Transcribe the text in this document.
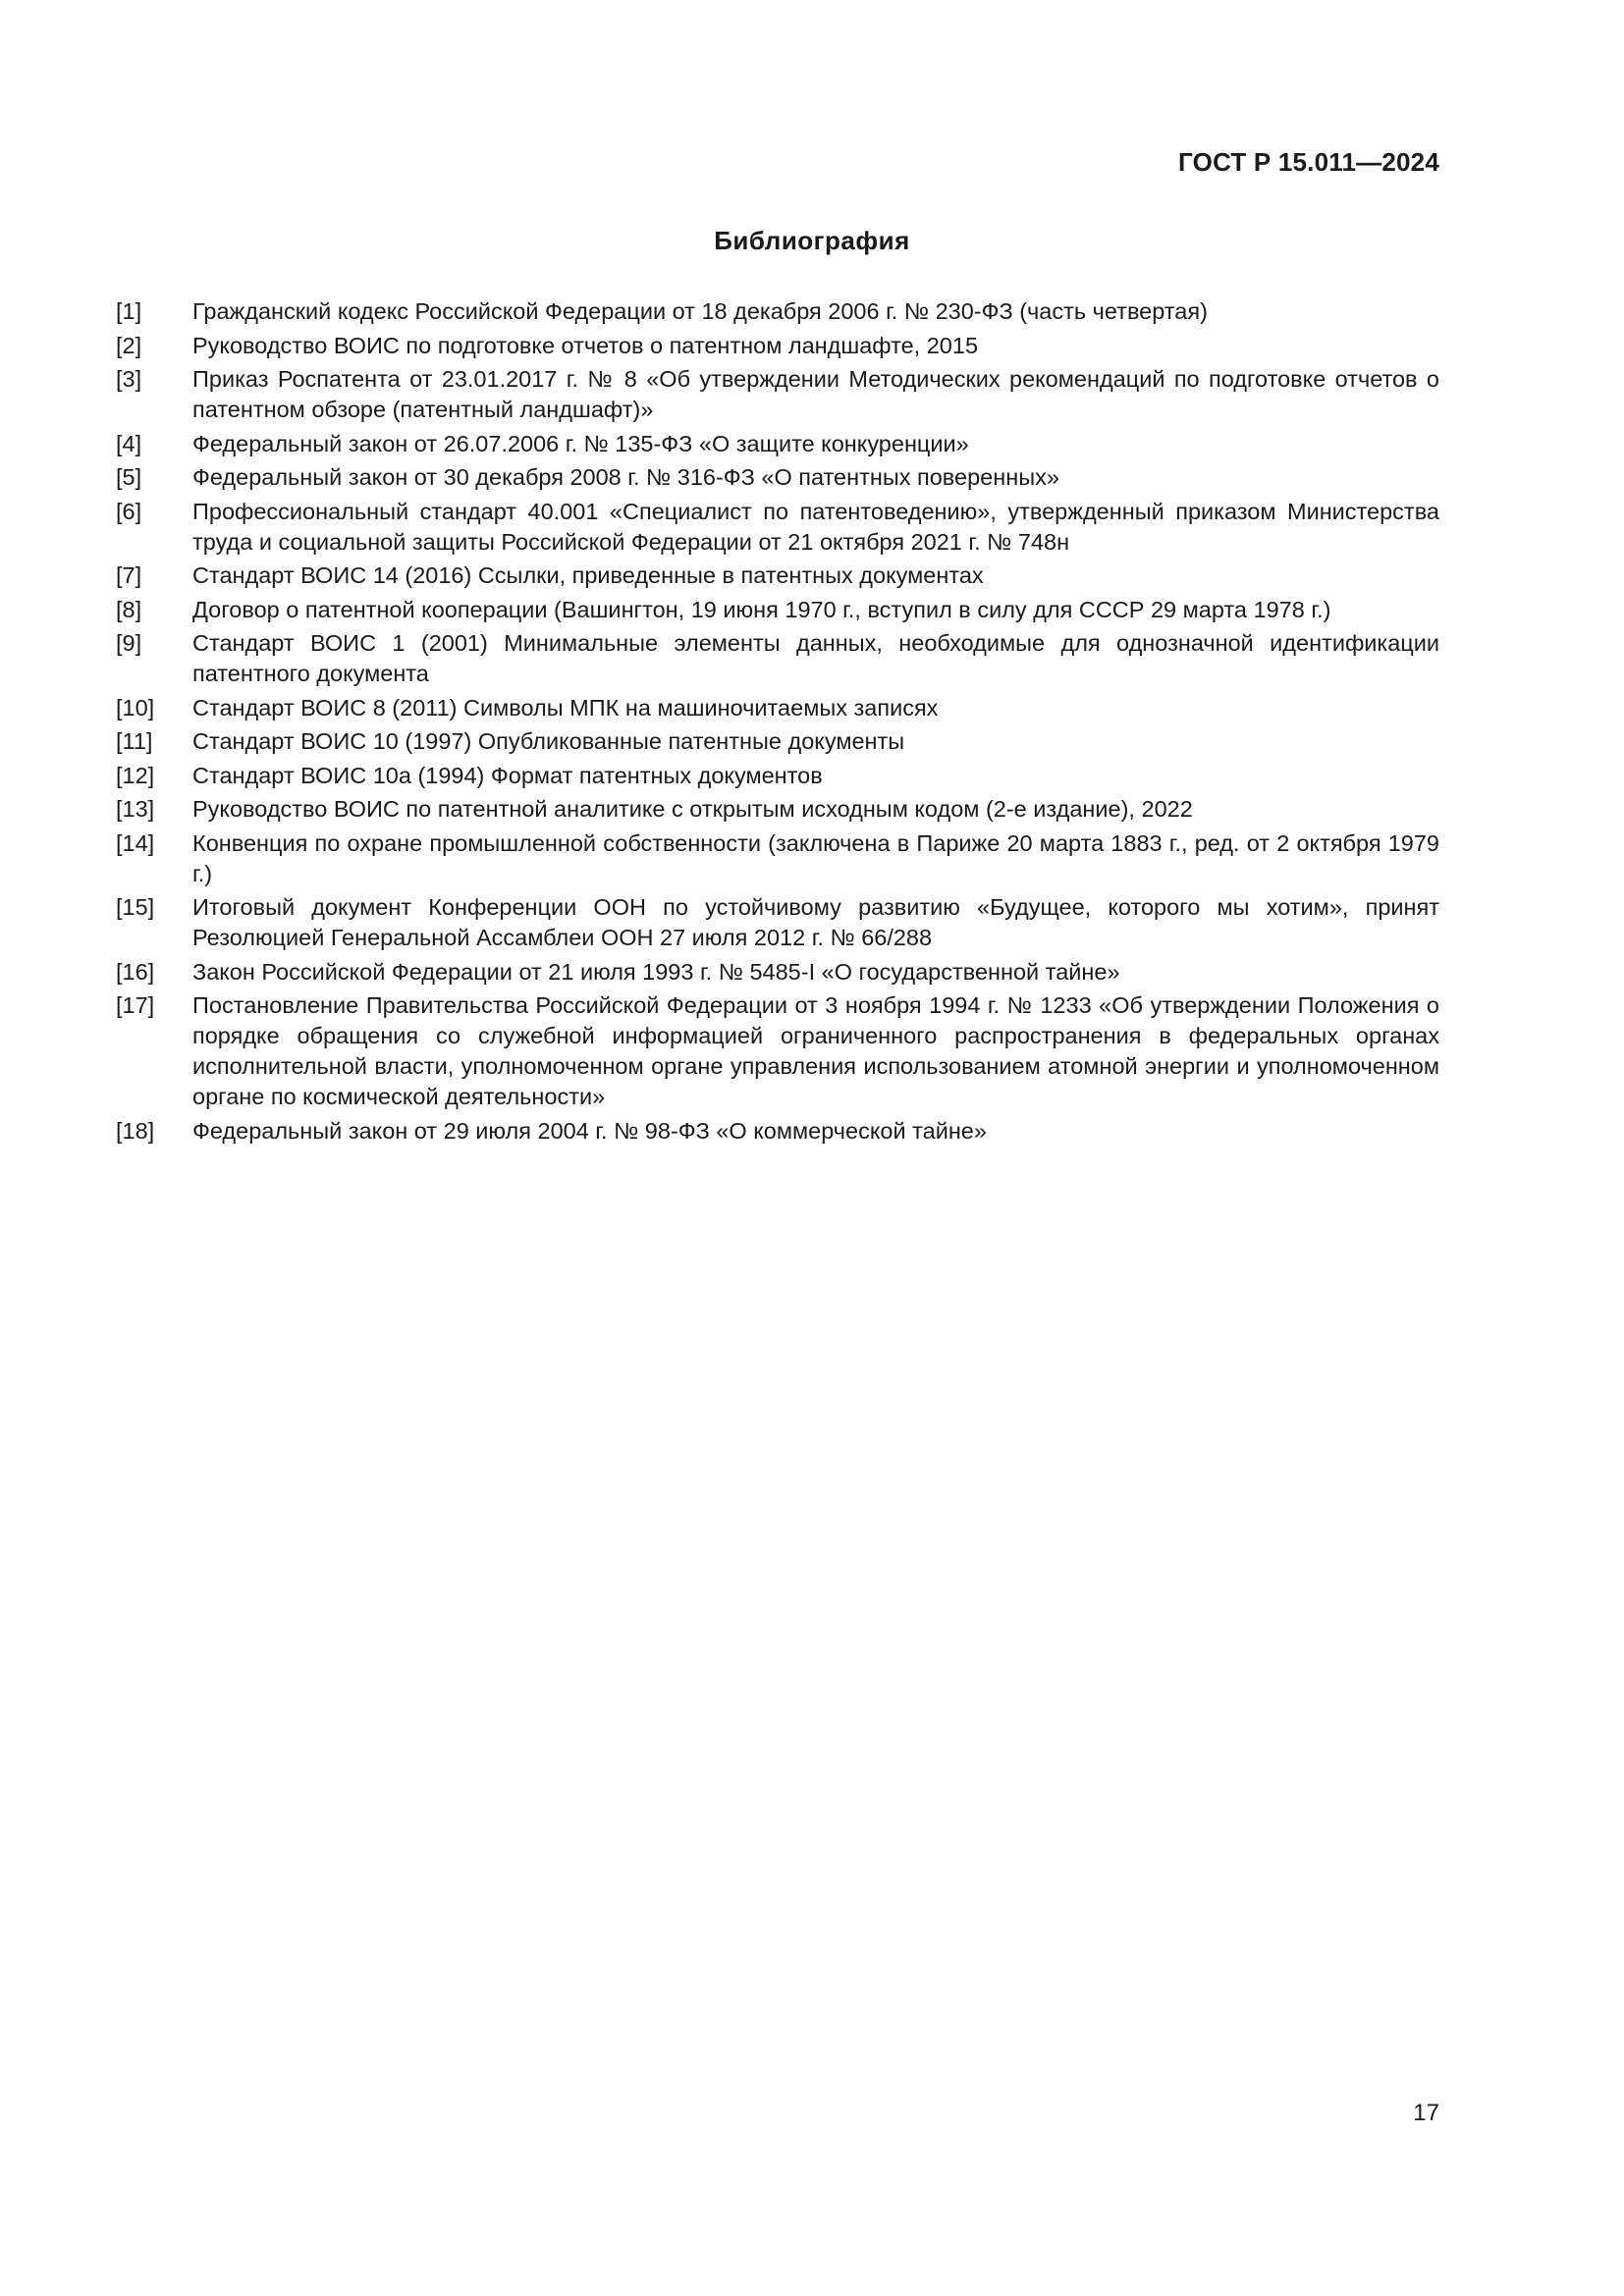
ГОСТ Р 15.011—2024
Библиография
[1]	Гражданский кодекс Российской Федерации от 18 декабря 2006 г. № 230-ФЗ (часть четвертая)
[2]	Руководство ВОИС по подготовке отчетов о патентном ландшафте, 2015
[3]	Приказ Роспатента от 23.01.2017 г. № 8 «Об утверждении Методических рекомендаций по подготовке отчетов о патентном обзоре (патентный ландшафт)»
[4]	Федеральный закон от 26.07.2006 г. № 135-ФЗ «О защите конкуренции»
[5]	Федеральный закон от 30 декабря 2008 г. № 316-ФЗ «О патентных поверенных»
[6]	Профессиональный стандарт 40.001 «Специалист по патентоведению», утвержденный приказом Министерства труда и социальной защиты Российской Федерации от 21 октября 2021 г. № 748н
[7]	Стандарт ВОИС 14 (2016) Ссылки, приведенные в патентных документах
[8]	Договор о патентной кооперации (Вашингтон, 19 июня 1970 г., вступил в силу для СССР 29 марта 1978 г.)
[9]	Стандарт ВОИС 1 (2001) Минимальные элементы данных, необходимые для однозначной идентификации патентного документа
[10]	Стандарт ВОИС 8 (2011) Символы МПК на машиночитаемых записях
[11]	Стандарт ВОИС 10 (1997) Опубликованные патентные документы
[12]	Стандарт ВОИС 10а (1994) Формат патентных документов
[13]	Руководство ВОИС по патентной аналитике с открытым исходным кодом (2-е издание), 2022
[14]	Конвенция по охране промышленной собственности (заключена в Париже 20 марта 1883 г., ред. от 2 октября 1979 г.)
[15]	Итоговый документ Конференции ООН по устойчивому развитию «Будущее, которого мы хотим», принят Резолюцией Генеральной Ассамблеи ООН 27 июля 2012 г. № 66/288
[16]	Закон Российской Федерации от 21 июля 1993 г. № 5485-I «О государственной тайне»
[17]	Постановление Правительства Российской Федерации от 3 ноября 1994 г. № 1233 «Об утверждении Положения о порядке обращения со служебной информацией ограниченного распространения в федеральных органах исполнительной власти, уполномоченном органе управления использованием атомной энергии и уполномоченном органе по космической деятельности»
[18]	Федеральный закон от 29 июля 2004 г. № 98-ФЗ «О коммерческой тайне»
17
